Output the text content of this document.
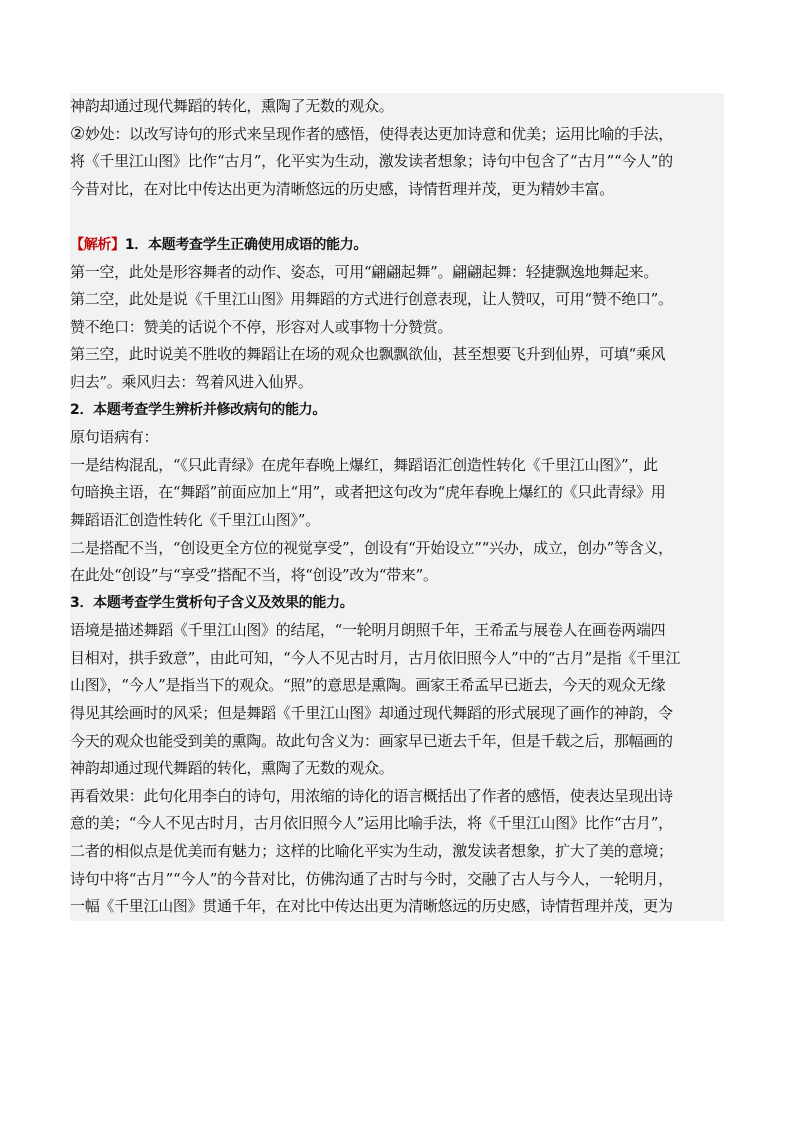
神韵却通过现代舞蹈的转化，熏陶了无数的观众。
②妙处：以改写诗句的形式来呈现作者的感悟，使得表达更加诗意和优美；运用比喻的手法，
将《千里江山图》比作“古月”，化平实为生动，激发读者想象；诗句中包含了“古月”“今人”的
今昔对比，在对比中传达出更为清晰悠远的历史感，诗情哲理并茂，更为精妙丰富。
【解析】1．本题考查学生正确使用成语的能力。
第一空，此处是形容舞者的动作、姿态，可用“翩翩起舞”。翩翩起舞：轻捷飘逸地舞起来。
第二空，此处是说《千里江山图》用舞蹈的方式进行创意表现，让人赞叹，可用“赞不绝口”。
赞不绝口：赞美的话说个不停，形容对人或事物十分赞赏。
第三空，此时说美不胜收的舞蹈让在场的观众也飘飘欲仙，甚至想要飞升到仙界，可填“乘风
归去”。乘风归去：驾着风进入仙界。
2．本题考查学生辨析并修改病句的能力。
原句语病有：
一是结构混乱，“《只此青绿》在虎年春晚上爆红，舞蹈语汇创造性转化《千里江山图》”，此
句暗换主语，在“舞蹈”前面应加上“用”，或者把这句改为“虎年春晚上爆红的《只此青绿》用
舞蹈语汇创造性转化《千里江山图》”。
二是搭配不当，“创设更全方位的视觉享受”，创设有“开始设立”“兴办，成立，创办”等含义，
在此处“创设”与“享受”搭配不当，将“创设”改为“带来”。
3．本题考查学生赏析句子含义及效果的能力。
语境是描述舞蹈《千里江山图》的结尾，“一轮明月朗照千年，王希孟与展卷人在画卷两端四
目相对，拱手致意”，由此可知，“今人不见古时月，古月依旧照今人”中的“古月”是指《千里江
山图》，“今人”是指当下的观众。“照”的意思是熏陶。画家王希孟早已逝去，今天的观众无缘
得见其绘画时的风采；但是舞蹈《千里江山图》却通过现代舞蹈的形式展现了画作的神韵，令
今天的观众也能受到美的熏陶。故此句含义为：画家早已逝去千年，但是千载之后，那幅画的
神韵却通过现代舞蹈的转化，熏陶了无数的观众。
再看效果：此句化用李白的诗句，用浓缩的诗化的语言概括出了作者的感悟，使表达呈现出诗
意的美；“今人不见古时月，古月依旧照今人”运用比喻手法，将《千里江山图》比作“古月”，
二者的相似点是优美而有魅力；这样的比喻化平实为生动，激发读者想象，扩大了美的意境；
诗句中将“古月”“今人”的今昔对比，仿佛沟通了古时与今时，交融了古人与今人，一轮明月，
一幅《千里江山图》贯通千年，在对比中传达出更为清晰悠远的历史感，诗情哲理并茂，更为
